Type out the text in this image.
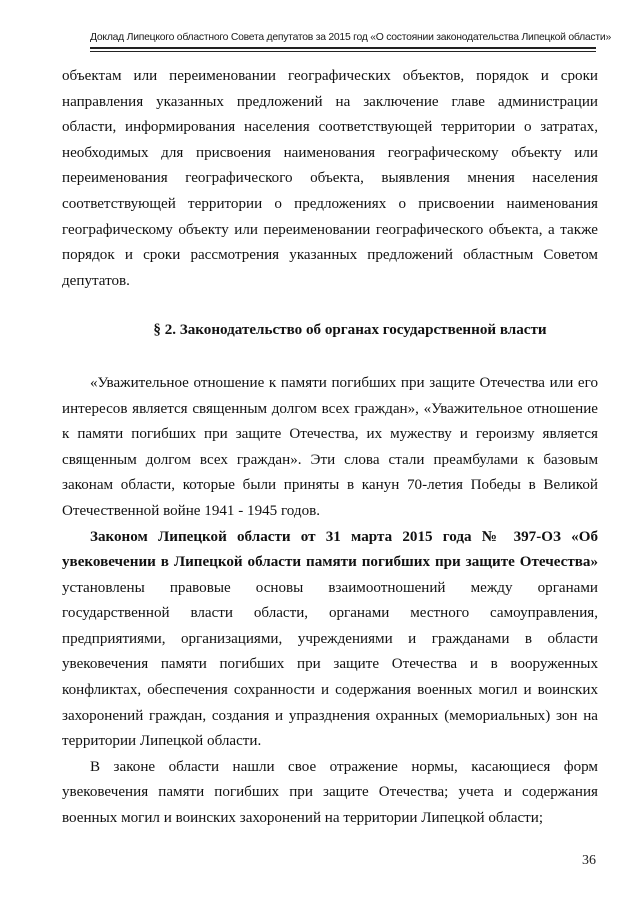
Доклад Липецкого областного Совета депутатов за 2015 год «О состоянии законодательства Липецкой области»

объектам или переименовании географических объектов, порядок и сроки направления указанных предложений на заключение главе администрации области, информирования населения соответствующей территории о затратах, необходимых для присвоения наименования географическому объекту или переименования географического объекта, выявления мнения населения соответствующей территории о предложениях о присвоении наименования географическому объекту или переименовании географического объекта, а также порядок и сроки рассмотрения указанных предложений областным Советом депутатов.

§ 2. Законодательство об органах государственной власти

«Уважительное отношение к памяти погибших при защите Отечества или его интересов является священным долгом всех граждан», «Уважительное отношение к памяти погибших при защите Отечества, их мужеству и героизму является священным долгом всех граждан». Эти слова стали преамбулами к базовым законам области, которые были приняты в канун 70-летия Победы в Великой Отечественной войне 1941 - 1945 годов.

Законом Липецкой области от 31 марта 2015 года № 397-ОЗ «Об увековечении в Липецкой области памяти погибших при защите Отечества» установлены правовые основы взаимоотношений между органами государственной власти области, органами местного самоуправления, предприятиями, организациями, учреждениями и гражданами в области увековечения памяти погибших при защите Отечества и в вооруженных конфликтах, обеспечения сохранности и содержания военных могил и воинских захоронений граждан, создания и упразднения охранных (мемориальных) зон на территории Липецкой области.

В законе области нашли свое отражение нормы, касающиеся форм увековечения памяти погибших при защите Отечества; учета и содержания военных могил и воинских захоронений на территории Липецкой области;

36
